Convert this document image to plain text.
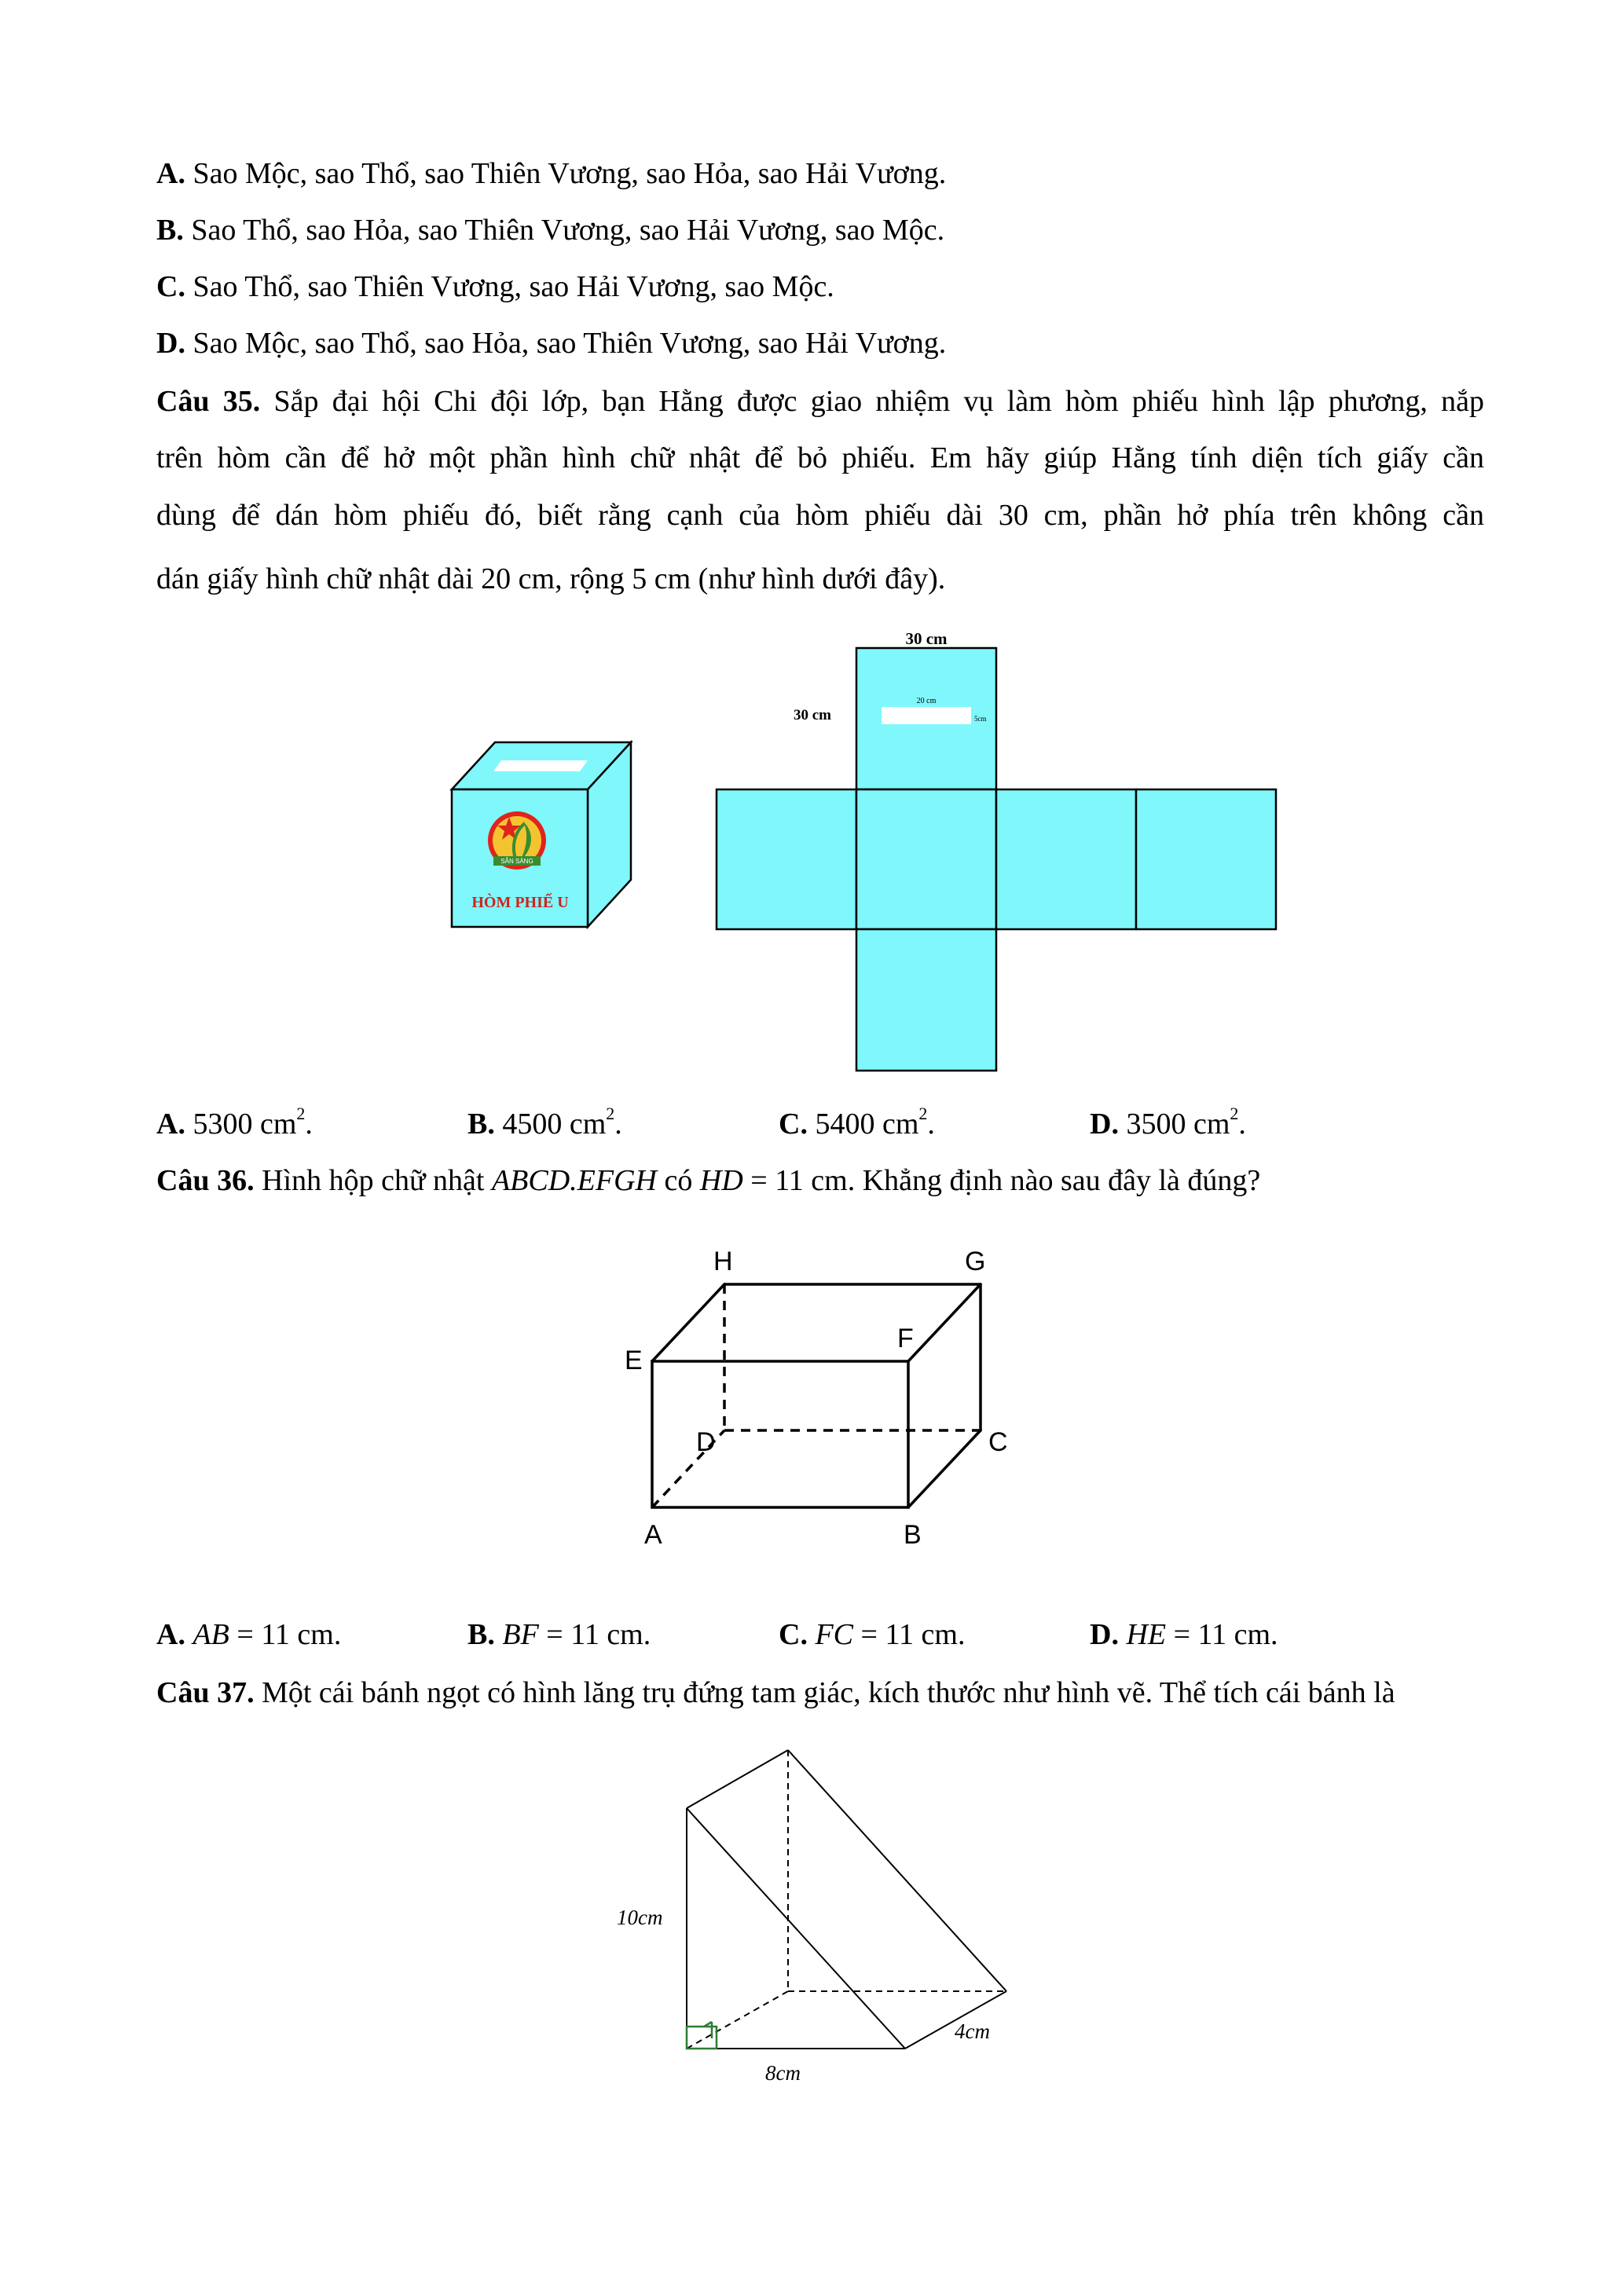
A. Sao Mộc, sao Thổ, sao Thiên Vương, sao Hỏa, sao Hải Vương.
B. Sao Thổ, sao Hỏa, sao Thiên Vương, sao Hải Vương, sao Mộc.
C. Sao Thổ, sao Thiên Vương, sao Hải Vương, sao Mộc.
D. Sao Mộc, sao Thổ, sao Hỏa, sao Thiên Vương, sao Hải Vương.
Câu 35. Sắp đại hội Chi đội lớp, bạn Hằng được giao nhiệm vụ làm hòm phiếu hình lập phương, nắp
trên hòm cần để hở một phần hình chữ nhật để bỏ phiếu. Em hãy giúp Hằng tính diện tích giấy cần
dùng để dán hòm phiếu đó, biết rằng cạnh của hòm phiếu dài 30 cm, phần hở phía trên không cần
dán giấy hình chữ nhật dài 20 cm, rộng 5 cm (như hình dưới đây).
SẴN SÀNG
HÒM PHIẾ U
30 cm
30 cm
20 cm
5cm
A. 5300 $cm^2$.	B. 4500 $cm^2$.	C. 5400 $cm^2$.	D. 3500 $cm^2$.
Câu 36. Hình hộp chữ nhật ABCD.EFGH có HD = 11 cm. Khẳng định nào sau đây là đúng?
H	G
E
F
D	C
A	B
A. AB = 11 cm.	B. BF = 11 cm.	C. FC = 11 cm.	D. HE = 11 cm.
Câu 37. Một cái bánh ngọt có hình lăng trụ đứng tam giác, kích thước như hình vẽ. Thể tích cái bánh là
10cm
8cm
4cm
